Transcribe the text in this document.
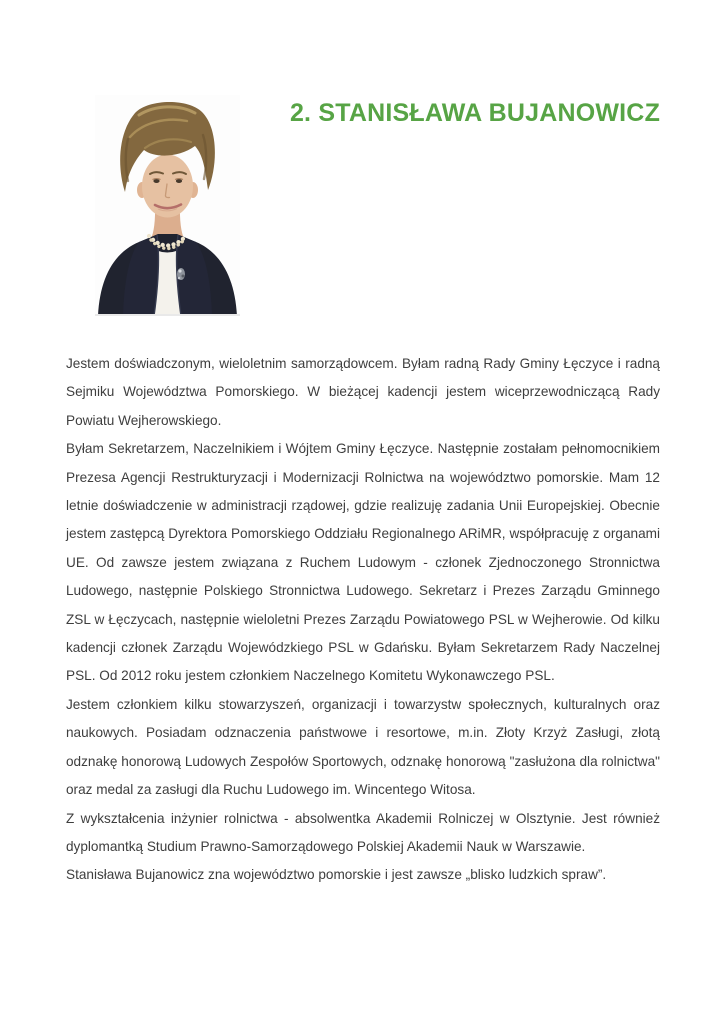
2. STANISŁAWA BUJANOWICZ

Jestem doświadczonym, wieloletnim samorządowcem. Byłam radną Rady Gminy Łęczyce i radną Sejmiku Województwa Pomorskiego. W bieżącej kadencji jestem wiceprzewodniczącą Rady Powiatu Wejherowskiego.

Byłam Sekretarzem, Naczelnikiem i Wójtem Gminy Łęczyce. Następnie zostałam pełnomocnikiem Prezesa Agencji Restrukturyzacji i Modernizacji Rolnictwa na województwo pomorskie. Mam 12 letnie doświadczenie w administracji rządowej, gdzie realizuję zadania Unii Europejskiej. Obecnie jestem zastępcą Dyrektora Pomorskiego Oddziału Regionalnego ARiMR, współpracuję z organami UE. Od zawsze jestem związana z Ruchem Ludowym - członek Zjednoczonego Stronnictwa Ludowego, następnie Polskiego Stronnictwa Ludowego. Sekretarz i Prezes Zarządu Gminnego ZSL w Łęczycach, następnie wieloletni Prezes Zarządu Powiatowego PSL w Wejherowie. Od kilku kadencji członek Zarządu Wojewódzkiego PSL w Gdańsku. Byłam Sekretarzem Rady Naczelnej PSL. Od 2012 roku jestem członkiem Naczelnego Komitetu Wykonawczego PSL.

Jestem członkiem kilku stowarzyszeń, organizacji i towarzystw społecznych, kulturalnych oraz naukowych. Posiadam odznaczenia państwowe i resortowe, m.in. Złoty Krzyż Zasługi, złotą odznakę honorową Ludowych Zespołów Sportowych, odznakę honorową "zasłużona dla rolnictwa" oraz medal za zasługi dla Ruchu Ludowego im. Wincentego Witosa.

Z wykształcenia inżynier rolnictwa - absolwentka Akademii Rolniczej w Olsztynie. Jest również dyplomantką Studium Prawno-Samorządowego Polskiej Akademii Nauk w Warszawie.

Stanisława Bujanowicz zna województwo pomorskie i jest zawsze „blisko ludzkich spraw”.
